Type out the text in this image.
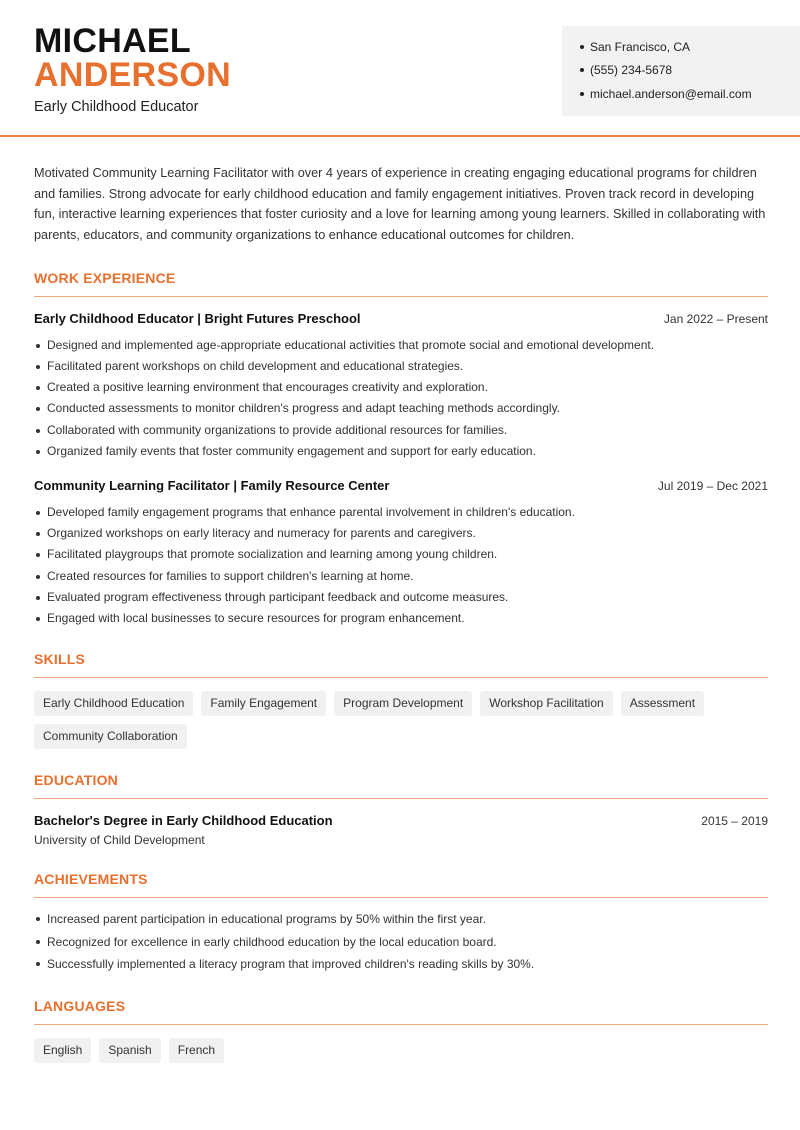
MICHAEL
ANDERSON
Early Childhood Educator
San Francisco, CA
(555) 234-5678
michael.anderson@email.com

Motivated Community Learning Facilitator with over 4 years of experience in creating engaging educational programs for children and families. Strong advocate for early childhood education and family engagement initiatives. Proven track record in developing fun, interactive learning experiences that foster curiosity and a love for learning among young learners. Skilled in collaborating with parents, educators, and community organizations to enhance educational outcomes for children.

WORK EXPERIENCE
Early Childhood Educator | Bright Futures Preschool	Jan 2022 – Present
Designed and implemented age-appropriate educational activities that promote social and emotional development.
Facilitated parent workshops on child development and educational strategies.
Created a positive learning environment that encourages creativity and exploration.
Conducted assessments to monitor children's progress and adapt teaching methods accordingly.
Collaborated with community organizations to provide additional resources for families.
Organized family events that foster community engagement and support for early education.
Community Learning Facilitator | Family Resource Center	Jul 2019 – Dec 2021
Developed family engagement programs that enhance parental involvement in children's education.
Organized workshops on early literacy and numeracy for parents and caregivers.
Facilitated playgroups that promote socialization and learning among young children.
Created resources for families to support children's learning at home.
Evaluated program effectiveness through participant feedback and outcome measures.
Engaged with local businesses to secure resources for program enhancement.
SKILLS
Early Childhood Education	Family Engagement	Program Development	Workshop Facilitation	Assessment
Community Collaboration
EDUCATION
Bachelor's Degree in Early Childhood Education	2015 – 2019
University of Child Development
ACHIEVEMENTS
Increased parent participation in educational programs by 50% within the first year.
Recognized for excellence in early childhood education by the local education board.
Successfully implemented a literacy program that improved children's reading skills by 30%.
LANGUAGES
English	Spanish	French
